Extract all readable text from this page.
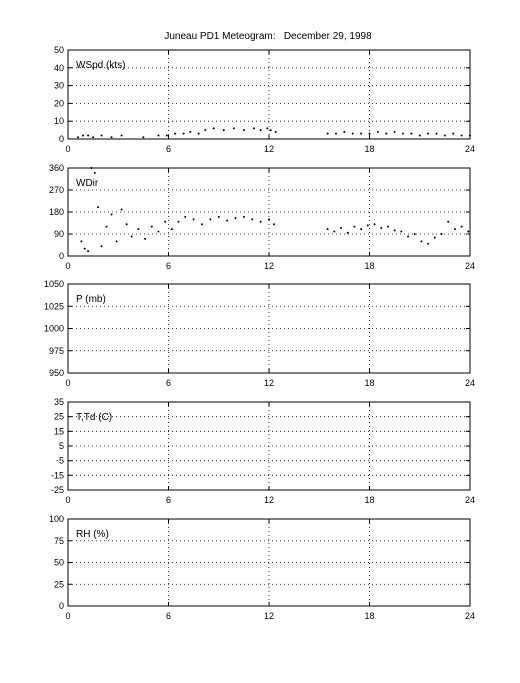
Juneau PD1 Meteogram:   December 29, 1998
0	6	12	18	24
0
10
20
30
40
50
WSpd (kts)
0	6	12	18	24
0
90
180
270
360
WDir
0	6	12	18	24
950
975
1000
1025
1050
P (mb)
0	6	12	18	24
-25
-15
-5
5
15
25
35
T,Td (C)
0	6	12	18	24
0
25
50
75
100
RH (%)
